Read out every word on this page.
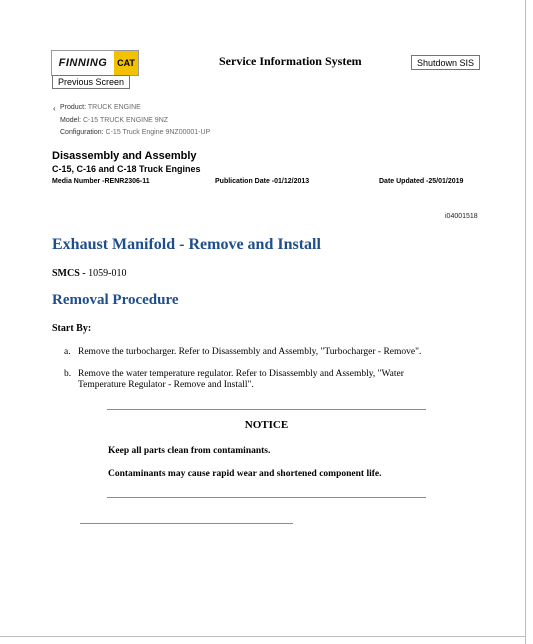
FINNING	CAT
Previous Screen
Service Information System	Shutdown SIS
‹ Product: TRUCK ENGINE
Model: C-15 TRUCK ENGINE 9NZ
Configuration: C-15 Truck Engine 9NZ00001-UP
Disassembly and Assembly
C-15, C-16 and C-18 Truck Engines
Media Number -RENR2306-11	Publication Date -01/12/2013	Date Updated -25/01/2019
i04001518
Exhaust Manifold - Remove and Install
SMCS - 1059-010
Removal Procedure
Start By:
a. Remove the turbocharger. Refer to Disassembly and Assembly, "Turbocharger - Remove".
b. Remove the water temperature regulator. Refer to Disassembly and Assembly, "Water Temperature Regulator - Remove and Install".
NOTICE
Keep all parts clean from contaminants.
Contaminants may cause rapid wear and shortened component life.
